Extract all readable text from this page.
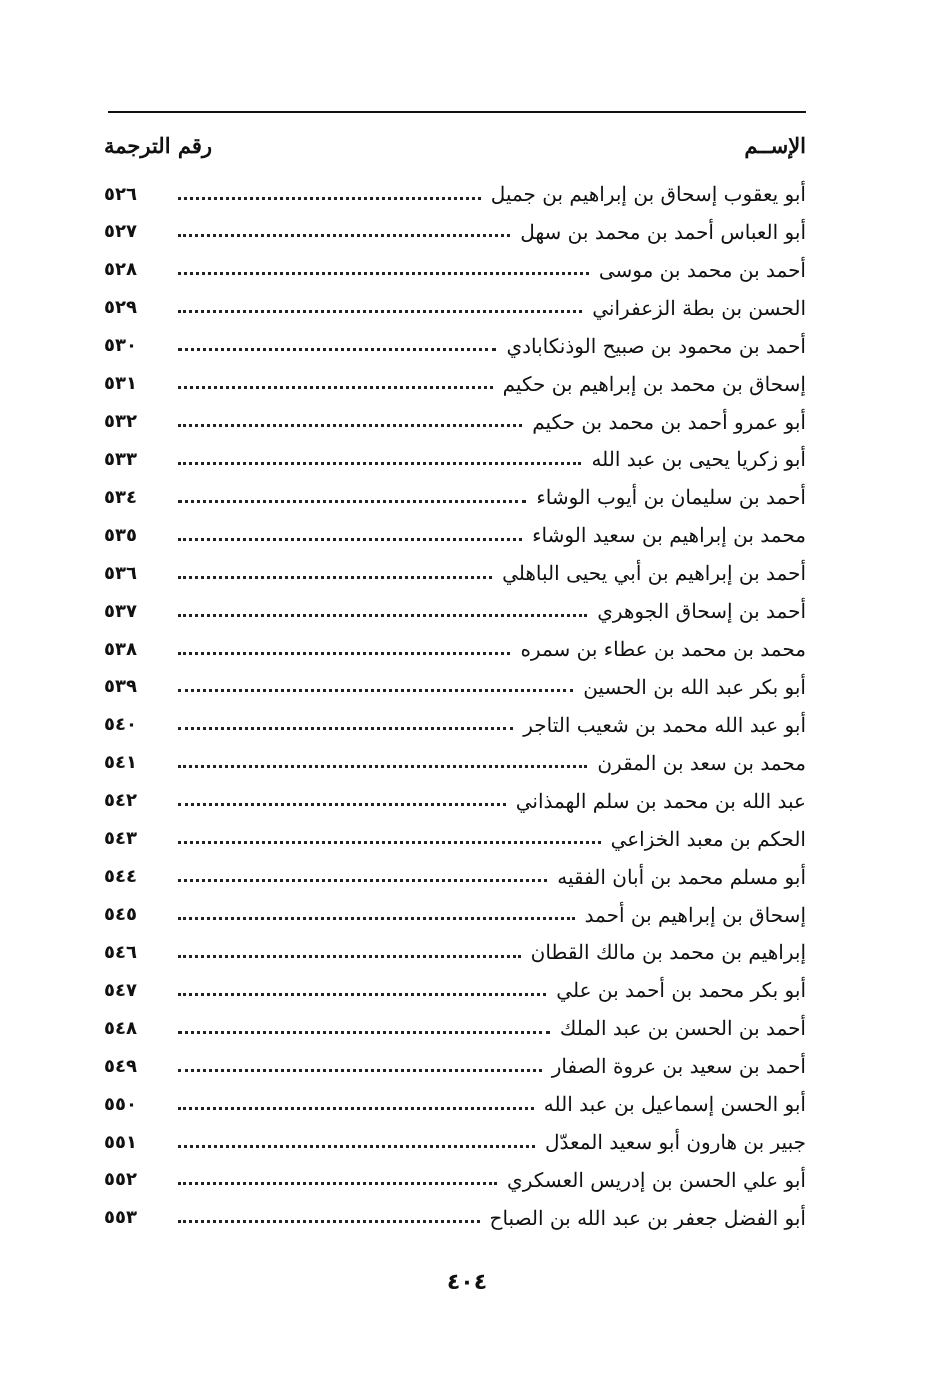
الإســم
رقم الترجمة
أبو يعقوب إسحاق بن إبراهيم بن جميل
٥٢٦
أبو العباس أحمد بن محمد بن سهل
٥٢٧
أحمد بن محمد بن موسى
٥٢٨
الحسن بن بطة الزعفراني
٥٢٩
أحمد بن محمود بن صبيح الوذنكابادي
٥٣٠
إسحاق بن محمد بن إبراهيم بن حكيم
٥٣١
أبو عمرو أحمد بن محمد بن حكيم
٥٣٢
أبو زكريا يحيى بن عبد الله
٥٣٣
أحمد بن سليمان بن أيوب الوشاء
٥٣٤
محمد بن إبراهيم بن سعيد الوشاء
٥٣٥
أحمد بن إبراهيم بن أبي يحيى الباهلي
٥٣٦
أحمد بن إسحاق الجوهري
٥٣٧
محمد بن محمد بن عطاء بن سمره
٥٣٨
أبو بكر عبد الله بن الحسين
٥٣٩
أبو عبد الله محمد بن شعيب التاجر
٥٤٠
محمد بن سعد بن المقرن
٥٤١
عبد الله بن محمد بن سلم الهمذاني
٥٤٢
الحكم بن معبد الخزاعي
٥٤٣
أبو مسلم محمد بن أبان الفقيه
٥٤٤
إسحاق بن إبراهيم بن أحمد
٥٤٥
إبراهيم بن محمد بن مالك القطان
٥٤٦
أبو بكر محمد بن أحمد بن علي
٥٤٧
أحمد بن الحسن بن عبد الملك
٥٤٨
أحمد بن سعيد بن عروة الصفار
٥٤٩
أبو الحسن إسماعيل بن عبد الله
٥٥٠
جبير بن هارون أبو سعيد المعدّل
٥٥١
أبو علي الحسن بن إدريس العسكري
٥٥٢
أبو الفضل جعفر بن عبد الله بن الصباح
٥٥٣
٤٠٤
